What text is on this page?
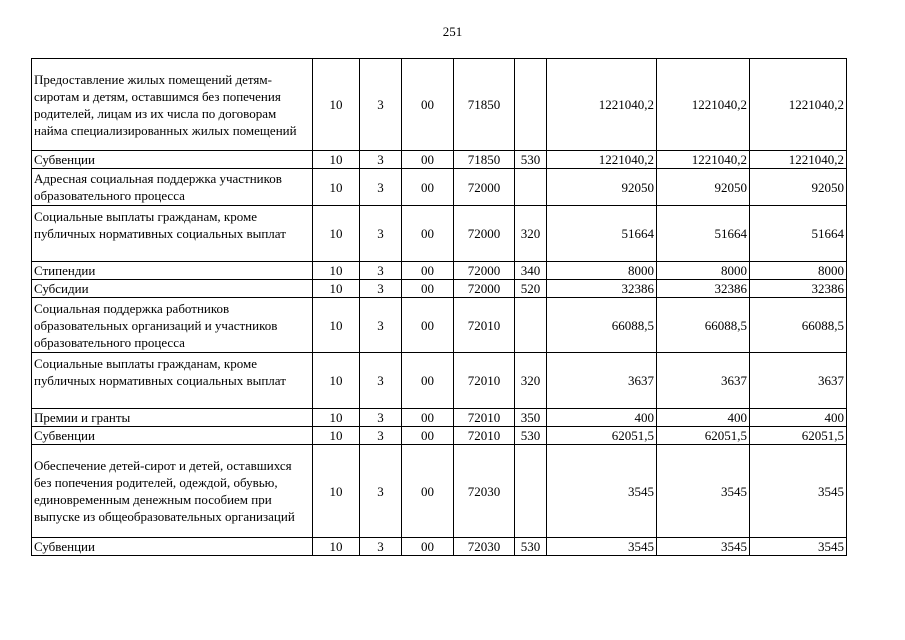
251
Предоставление жилых помещений детям-сиротам и детям, оставшимся без попечения родителей, лицам из их числа по договорам найма специализированных жилых помещений	10	3	00	71850		1221040,2	1221040,2	1221040,2
Субвенции	10	3	00	71850	530	1221040,2	1221040,2	1221040,2
Адресная социальная поддержка участников образовательного процесса	10	3	00	72000		92050	92050	92050
Социальные выплаты гражданам, кроме публичных нормативных социальных выплат	10	3	00	72000	320	51664	51664	51664
Стипендии	10	3	00	72000	340	8000	8000	8000
Субсидии	10	3	00	72000	520	32386	32386	32386
Социальная поддержка работников образовательных организаций и участников образовательного процесса	10	3	00	72010		66088,5	66088,5	66088,5
Социальные выплаты гражданам, кроме публичных нормативных социальных выплат	10	3	00	72010	320	3637	3637	3637
Премии и гранты	10	3	00	72010	350	400	400	400
Субвенции	10	3	00	72010	530	62051,5	62051,5	62051,5
Обеспечение детей-сирот и детей, оставшихся без попечения родителей, одеждой, обувью, единовременным денежным пособием при выпуске из общеобразовательных организаций	10	3	00	72030		3545	3545	3545
Субвенции	10	3	00	72030	530	3545	3545	3545
